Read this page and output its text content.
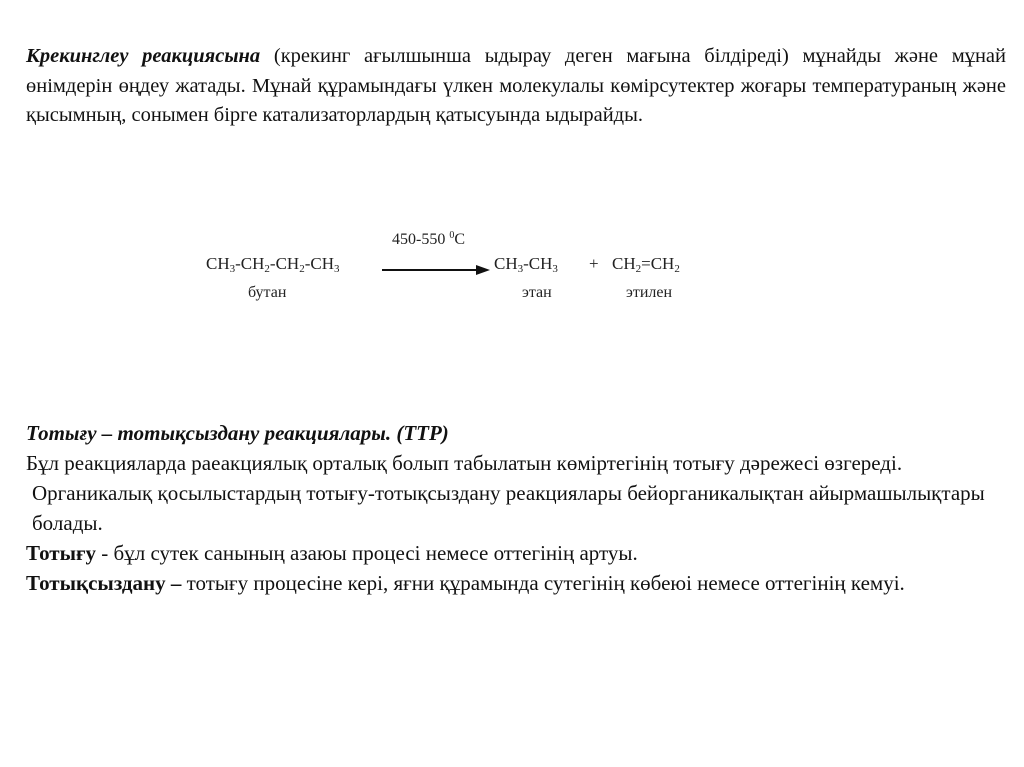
Крекинглеу реакциясына (крекинг ағылшынша ыдырау деген мағына білдіреді) мұнайды және мұнай өнімдерін өңдеу жатады. Мұнай құрамындағы үлкен молекулалы көмірсутектер жоғары температураның және қысымның, сонымен бірге катализаторлардың қатысуында ыдырайды.
450-550 $^0$C
$CH_3-CH_2-CH_2-CH_3$
бутан
$CH_3-CH_3$
этан
+ $CH_2=CH_2$
этилен

Тотығу – тотықсыздану реакциялары. (ТТР)

Бұл реакцияларда раеакциялық орталық болып табылатын көміртегінің тотығу дәрежесі өзгереді.

Органикалық қосылыстардың тотығу-тотықсыздану реакциялары бейорганикалықтан айырмашылықтары болады.

Тотығу - бұл сутек санының азаюы процесі немесе оттегінің артуы.

Тотықсыздану – тотығу процесіне кері, яғни құрамында сутегінің көбеюі немесе оттегінің кемуі.
